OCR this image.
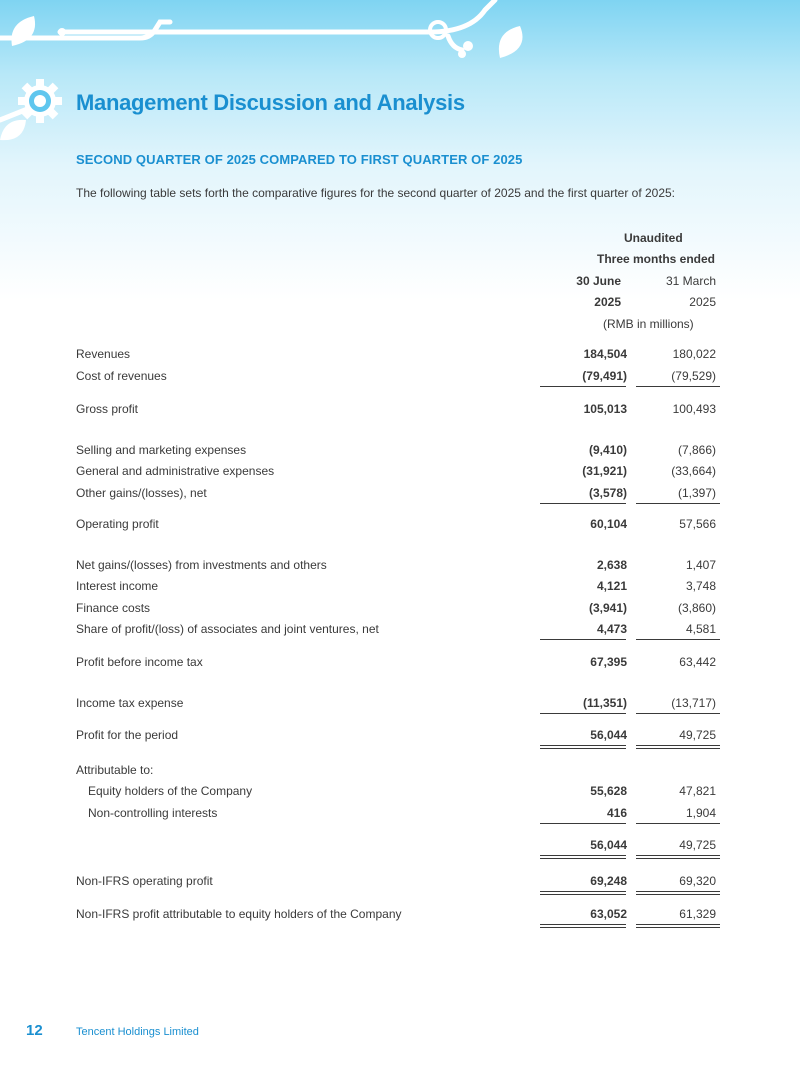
Management Discussion and Analysis
SECOND QUARTER OF 2025 COMPARED TO FIRST QUARTER OF 2025

The following table sets forth the comparative figures for the second quarter of 2025 and the first quarter of 2025:

Unaudited
Three months ended
30 June	31 March
2025	2025
(RMB in millions)
Revenues	184,504	180,022
Cost of revenues	(79,491)	(79,529)
Gross profit	105,013	100,493
Selling and marketing expenses	(9,410)	(7,866)
General and administrative expenses	(31,921)	(33,664)
Other gains/(losses), net	(3,578)	(1,397)
Operating profit	60,104	57,566
Net gains/(losses) from investments and others	2,638	1,407
Interest income	4,121	3,748
Finance costs	(3,941)	(3,860)
Share of profit/(loss) of associates and joint ventures, net	4,473	4,581
Profit before income tax	67,395	63,442
Income tax expense	(11,351)	(13,717)
Profit for the period	56,044	49,725
Attributable to:
Equity holders of the Company	55,628	47,821
Non-controlling interests	416	1,904
56,044	49,725
Non-IFRS operating profit	69,248	69,320
Non-IFRS profit attributable to equity holders of the Company	63,052	61,329
12	Tencent Holdings Limited
